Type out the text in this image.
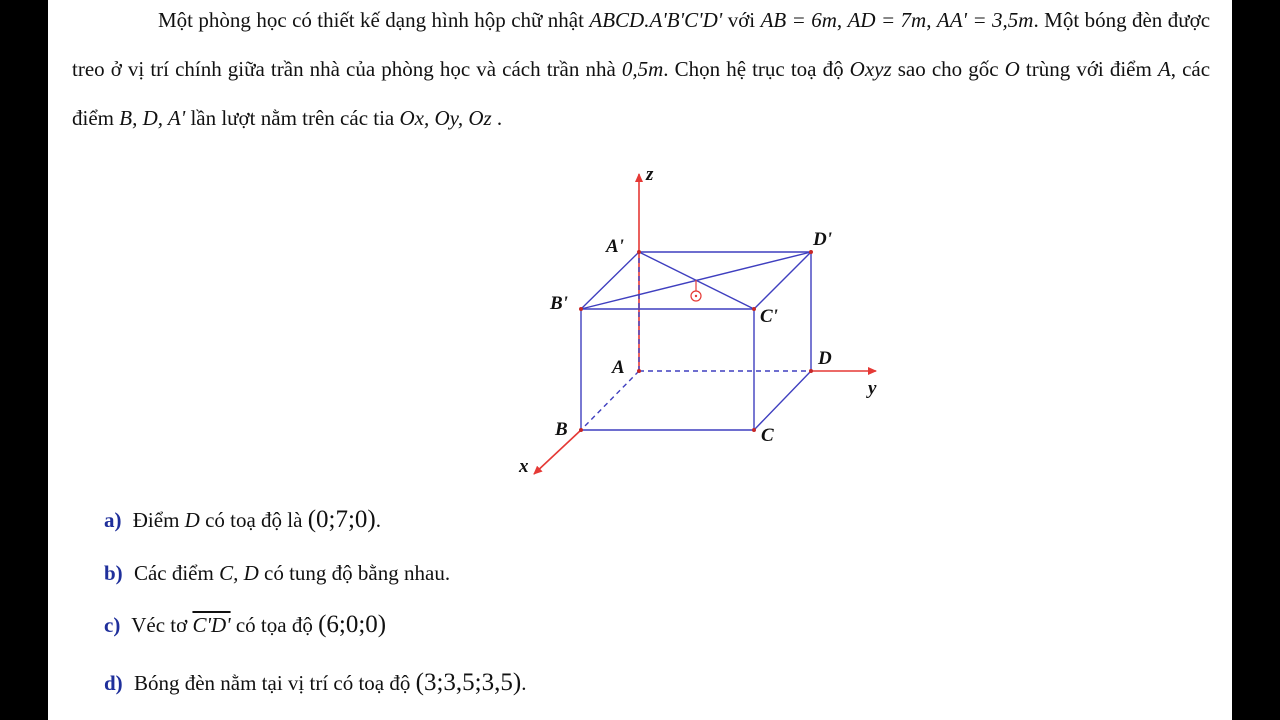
Một phòng học có thiết kế dạng hình hộp chữ nhật ABCD.A'B'C'D' với AB = 6m, AD = 7m, AA' = 3,5m. Một bóng đèn được treo ở vị trí chính giữa trần nhà của phòng học và cách trần nhà 0,5m. Chọn hệ trục toạ độ Oxyz sao cho gốc O trùng với điểm A, các điểm B, D, A' lần lượt nằm trên các tia Ox, Oy, Oz .
z
y
x
A
B	C
D
A'
B'
C'
D'
a) Điểm D có toạ độ là (0;7;0).
b) Các điểm C, D có tung độ bằng nhau.
c) Véc tơ C'D' có tọa độ (6;0;0)
d) Bóng đèn nằm tại vị trí có toạ độ (3;3,5;3,5).
